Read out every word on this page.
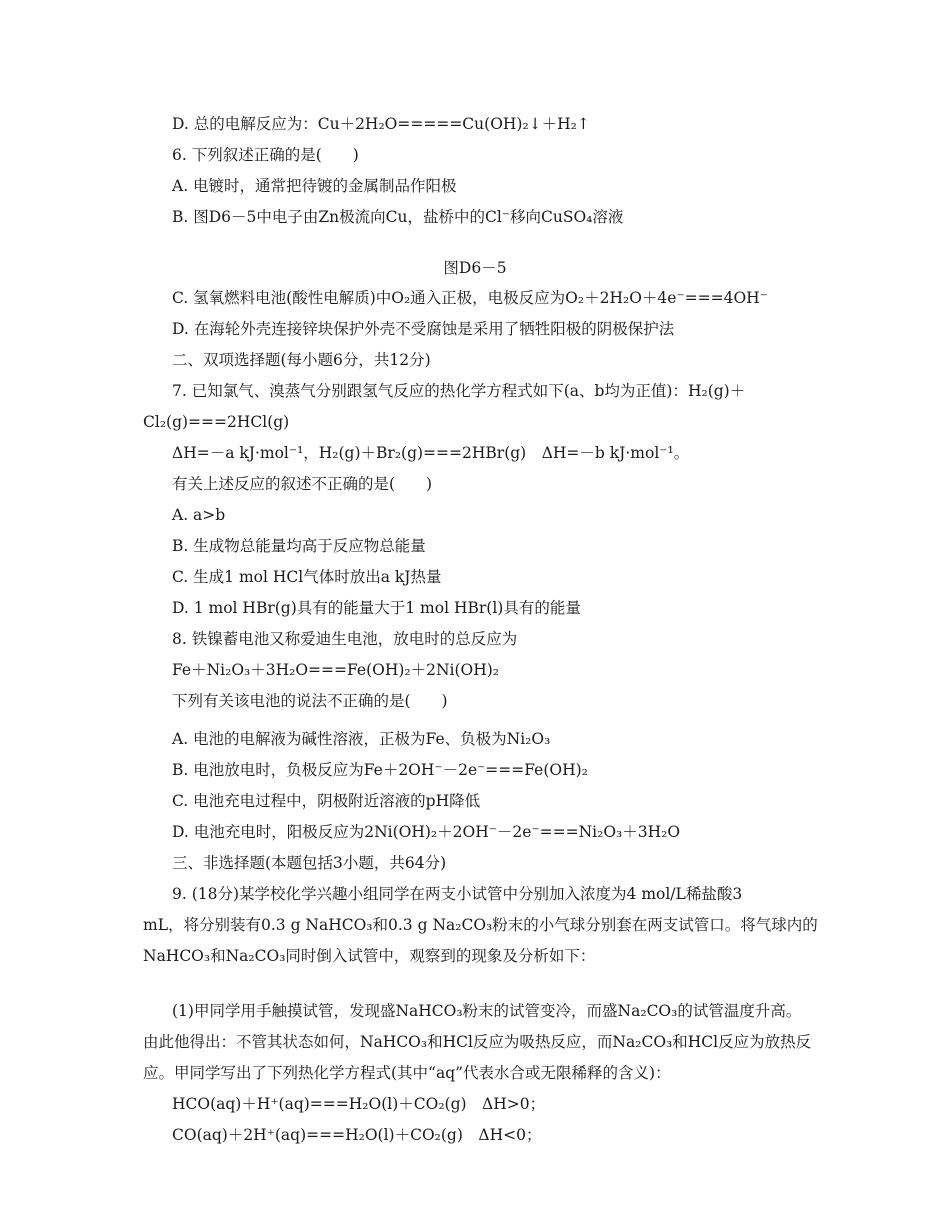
D. 总的电解反应为：Cu＋2H₂O=====Cu(OH)₂↓＋H₂↑
6. 下列叙述正确的是(　　)
A. 电镀时，通常把待镀的金属制品作阳极
B. 图D6－5中电子由Zn极流向Cu，盐桥中的Cl⁻移向CuSO₄溶液
图D6－5
C. 氢氧燃料电池(酸性电解质)中O₂通入正极，电极反应为O₂＋2H₂O＋4e⁻===4OH⁻
D. 在海轮外壳连接锌块保护外壳不受腐蚀是采用了牺牲阳极的阴极保护法
二、双项选择题(每小题6分，共12分)
7. 已知氯气、溴蒸气分别跟氢气反应的热化学方程式如下(a、b均为正值)：H₂(g)＋
Cl₂(g)===2HCl(g)
ΔH=－a kJ·mol⁻¹，H₂(g)＋Br₂(g)===2HBr(g)　ΔH=－b kJ·mol⁻¹。
有关上述反应的叙述不正确的是(　　)
A. a>b
B. 生成物总能量均高于反应物总能量
C. 生成1 mol HCl气体时放出a kJ热量
D. 1 mol HBr(g)具有的能量大于1 mol HBr(l)具有的能量
8. 铁镍蓄电池又称爱迪生电池，放电时的总反应为
Fe＋Ni₂O₃＋3H₂O===Fe(OH)₂＋2Ni(OH)₂
下列有关该电池的说法不正确的是(　　)
A. 电池的电解液为碱性溶液，正极为Fe、负极为Ni₂O₃
B. 电池放电时，负极反应为Fe＋2OH⁻－2e⁻===Fe(OH)₂
C. 电池充电过程中，阴极附近溶液的pH降低
D. 电池充电时，阳极反应为2Ni(OH)₂＋2OH⁻－2e⁻===Ni₂O₃＋3H₂O
三、非选择题(本题包括3小题，共64分)
9. (18分)某学校化学兴趣小组同学在两支小试管中分别加入浓度为4 mol/L稀盐酸3
mL，将分别装有0.3 g NaHCO₃和0.3 g Na₂CO₃粉末的小气球分别套在两支试管口。将气球内的
NaHCO₃和Na₂CO₃同时倒入试管中，观察到的现象及分析如下：
(1)甲同学用手触摸试管，发现盛NaHCO₃粉末的试管变冷，而盛Na₂CO₃的试管温度升高。
由此他得出：不管其状态如何，NaHCO₃和HCl反应为吸热反应，而Na₂CO₃和HCl反应为放热反
应。甲同学写出了下列热化学方程式(其中“aq”代表水合或无限稀释的含义)：
HCO(aq)＋H⁺(aq)===H₂O(l)＋CO₂(g)　ΔH>0；
CO(aq)＋2H⁺(aq)===H₂O(l)＋CO₂(g)　ΔH<0；
